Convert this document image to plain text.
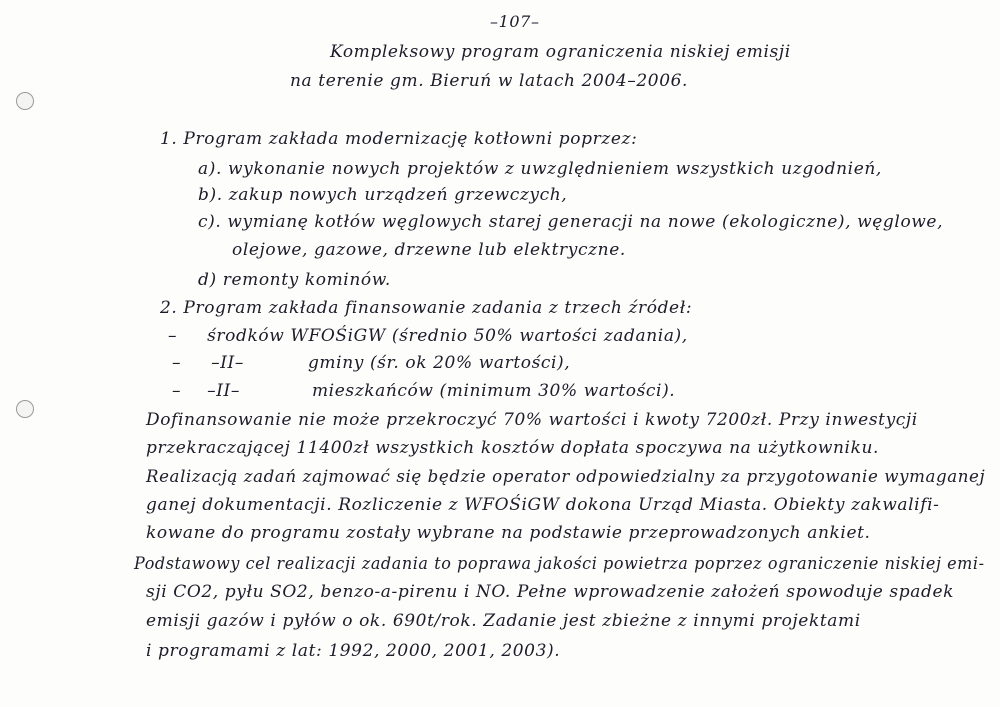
–107–
Kompleksowy program ograniczenia niskiej emisji
na terenie gm. Bieruń w latach 2004–2006.
1. Program zakłada modernizację kotłowni poprzez:
a). wykonanie nowych projektów z uwzględnieniem wszystkich uzgodnień,
b). zakup nowych urządzeń grzewczych,
c). wymianę kotłów węglowych starej generacji na nowe (ekologiczne), węglowe,
olejowe, gazowe, drzewne lub elektryczne.
d) remonty kominów.
2. Program zakłada finansowanie zadania z trzech źródeł:
– środków WFOŚiGW (średnio 50% wartości zadania),
– –II–	gminy (śr. ok 20% wartości),
– –II–	mieszkańców (minimum 30% wartości).
Dofinansowanie nie może przekroczyć 70% wartości i kwoty 7200zł. Przy inwestycji
przekraczającej 11400zł wszystkich kosztów dopłata spoczywa na użytkowniku.
Realizacją zadań zajmować się będzie operator odpowiedzialny za przygotowanie wymaganej
ganej dokumentacji. Rozliczenie z WFOŚiGW dokona Urząd Miasta. Obiekty zakwalifi-
kowane do programu zostały wybrane na podstawie przeprowadzonych ankiet.
Podstawowy cel realizacji zadania to poprawa jakości powietrza poprzez ograniczenie niskiej emi-
sji CO2, pyłu SO2, benzo-a-pirenu i NO. Pełne wprowadzenie założeń spowoduje spadek
emisji gazów i pyłów o ok. 690t/rok. Zadanie jest zbieżne z innymi projektami
i programami z lat: 1992, 2000, 2001, 2003).
